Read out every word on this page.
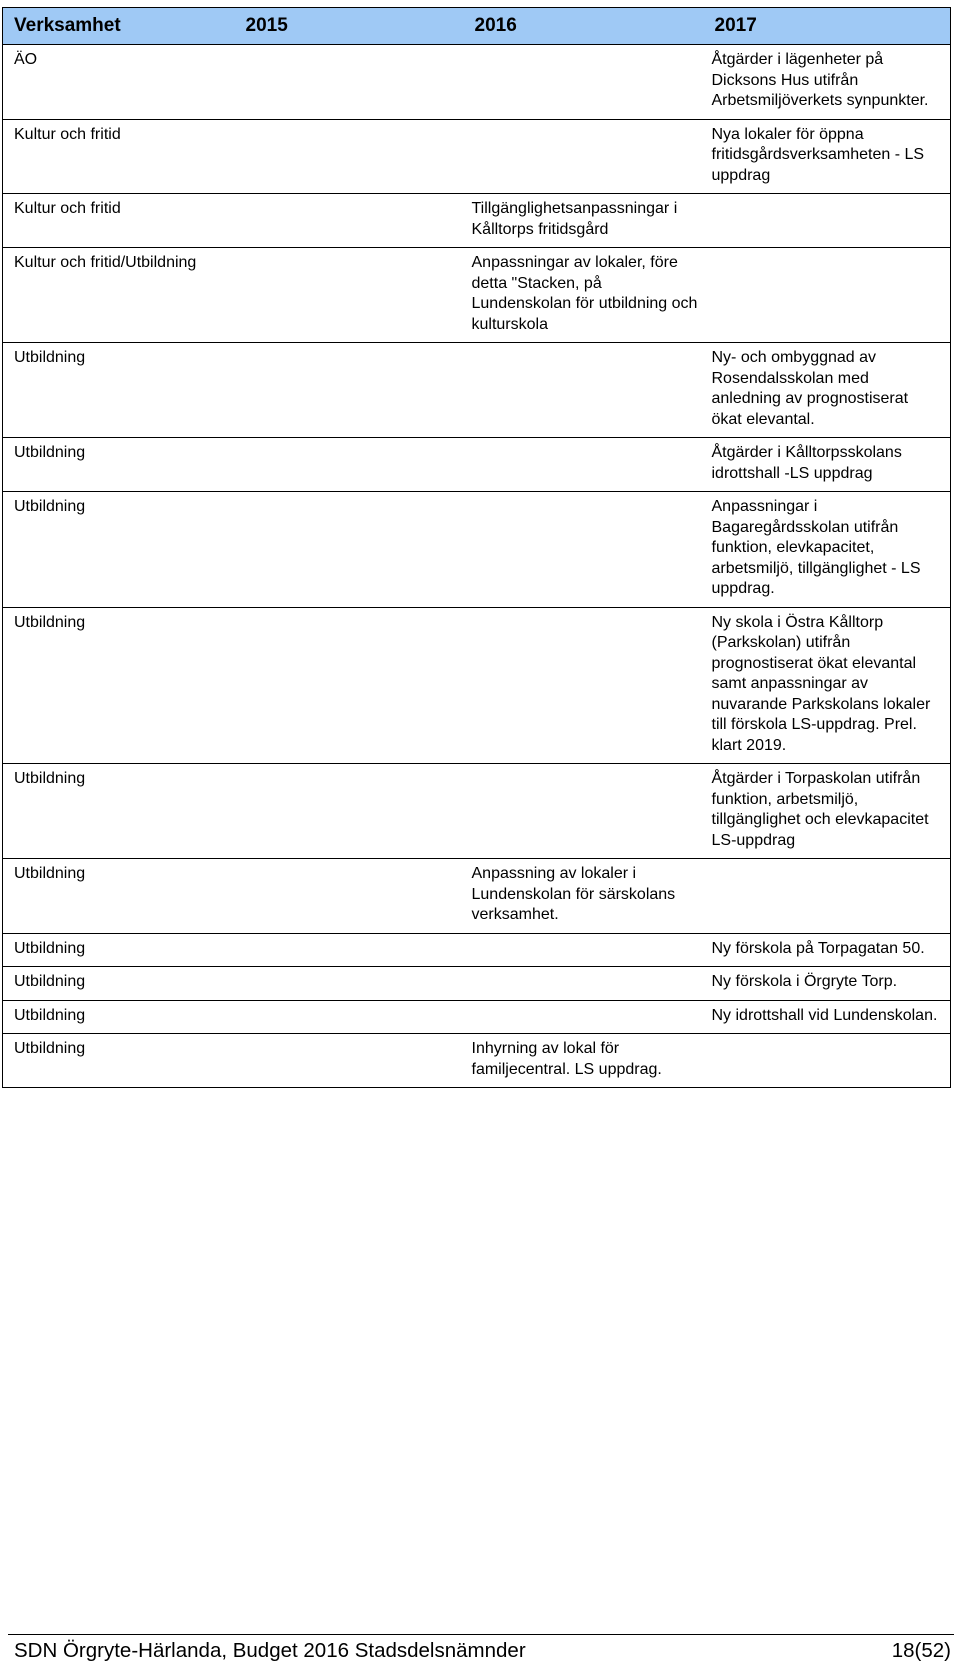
Verksamhet	2015	2016	2017
ÄO			Åtgärder i lägenheter på Dicksons Hus utifrån Arbetsmiljöverkets synpunkter.
Kultur och fritid			Nya lokaler för öppna fritidsgårdsverksamheten - LS uppdrag
Kultur och fritid		Tillgänglighetsanpassningar i Kålltorps fritidsgård	
Kultur och fritid/Utbildning		Anpassningar av lokaler, före detta "Stacken, på Lundenskolan för utbildning och kulturskola	
Utbildning			Ny- och ombyggnad av Rosendalsskolan med anledning av prognostiserat ökat elevantal.
Utbildning			Åtgärder i Kålltorpsskolans idrottshall -LS uppdrag
Utbildning			Anpassningar i Bagaregårdsskolan utifrån funktion, elevkapacitet, arbetsmiljö, tillgänglighet - LS uppdrag.
Utbildning			Ny skola i Östra Kålltorp (Parkskolan) utifrån prognostiserat ökat elevantal samt anpassningar av nuvarande Parkskolans lokaler till förskola LS-uppdrag. Prel. klart 2019.
Utbildning			Åtgärder i Torpaskolan utifrån funktion, arbetsmiljö, tillgänglighet och elevkapacitet LS-uppdrag
Utbildning		Anpassning av lokaler i Lundenskolan för särskolans verksamhet.	
Utbildning			Ny förskola på Torpagatan 50.
Utbildning			Ny förskola i Örgryte Torp.
Utbildning			Ny idrottshall vid Lundenskolan.
Utbildning		Inhyrning av lokal för familjecentral. LS uppdrag.	
SDN Örgryte-Härlanda, Budget 2016 Stadsdelsnämnder	18(52)
